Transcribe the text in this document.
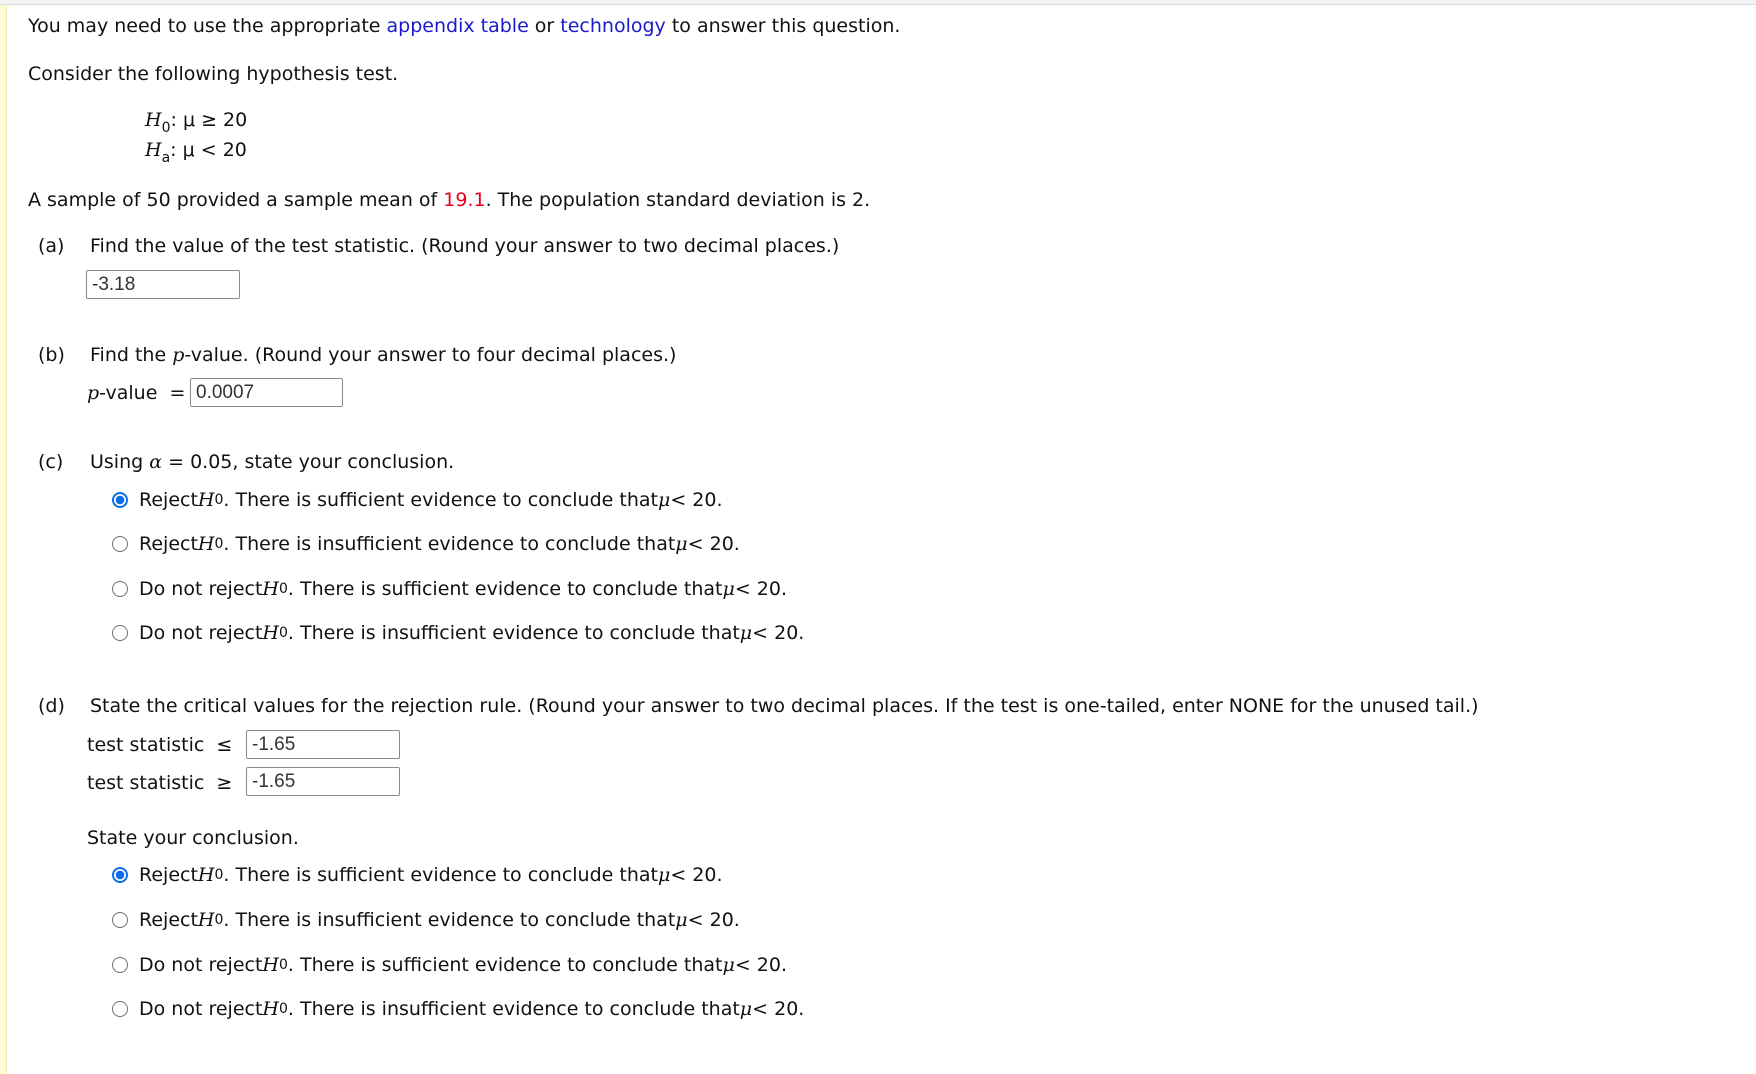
You may need to use the appropriate appendix table or technology to answer this question.
Consider the following hypothesis test.
$H_0$: μ ≥ 20
$H_a$: μ < 20
A sample of 50 provided a sample mean of 19.1. The population standard deviation is 2.
(a) Find the value of the test statistic. (Round your answer to two decimal places.)
-3.18
(b) Find the p-value. (Round your answer to four decimal places.)
p-value  = 0.0007
(c) Using α = 0.05, state your conclusion.
Reject H 0 . There is sufficient evidence to conclude that μ < 20.
Reject H 0 . There is insufficient evidence to conclude that μ < 20.
Do not reject H 0 . There is sufficient evidence to conclude that μ < 20.
Do not reject H 0 . There is insufficient evidence to conclude that μ < 20.
(d) State the critical values for the rejection rule. (Round your answer to two decimal places. If the test is one-tailed, enter NONE for the unused tail.)
test statistic  ≤	-1.65
test statistic  ≥	-1.65
State your conclusion.
Reject H 0 . There is sufficient evidence to conclude that μ < 20.
Reject H 0 . There is insufficient evidence to conclude that μ < 20.
Do not reject H 0 . There is sufficient evidence to conclude that μ < 20.
Do not reject H 0 . There is insufficient evidence to conclude that μ < 20.
